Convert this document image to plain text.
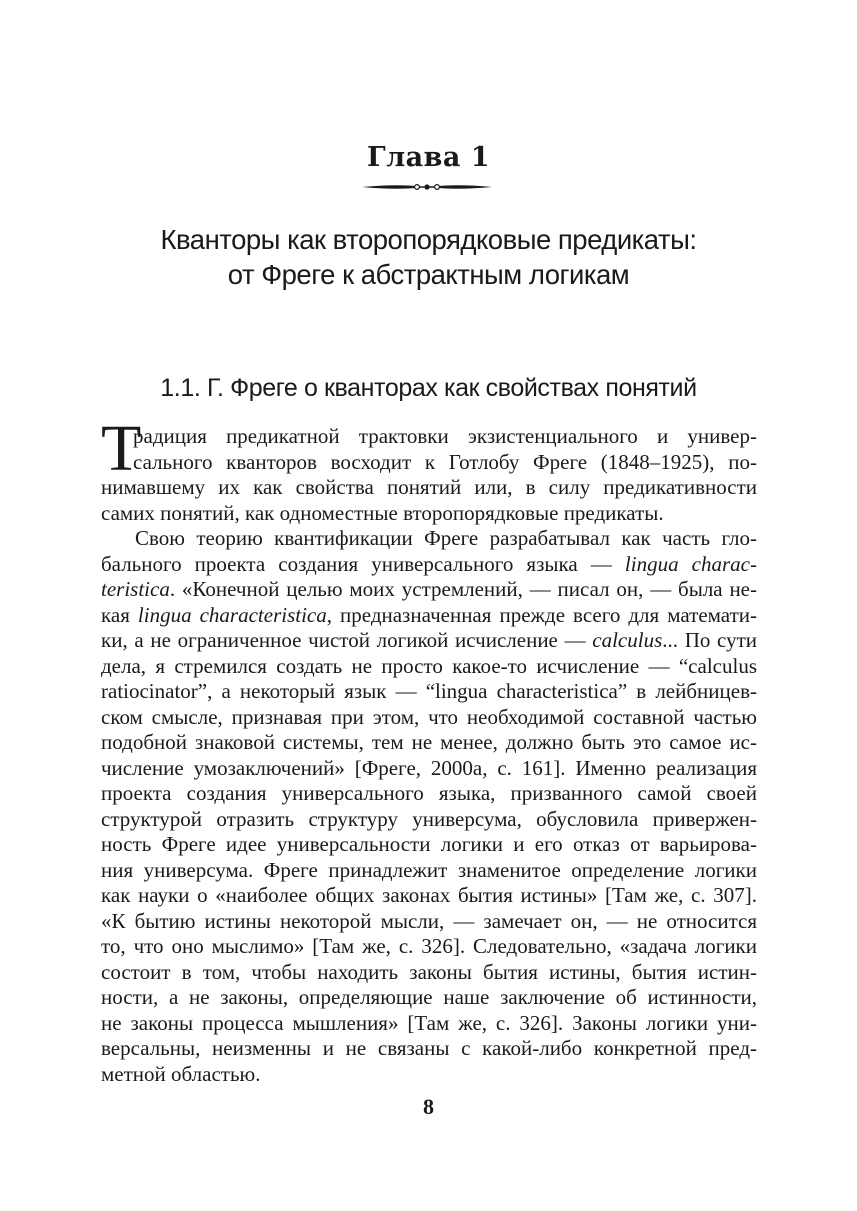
Глава 1
Кванторы как второпорядковые предикаты:
от Фреге к абстрактным логикам
1.1. Г. Фреге о кванторах как свойствах понятий
Т
радиция предикатной трактовки экзистенциального и универ-
сального кванторов восходит к Готлобу Фреге (1848–1925), по-
нимавшему их как свойства понятий или, в силу предикативности
самих понятий, как одноместные второпорядковые предикаты.
Свою теорию квантификации Фреге разрабатывал как часть гло-
бального проекта создания универсального языка — lingua charac-
teristica. «Конечной целью моих устремлений, — писал он, — была не-
кая lingua characteristica, предназначенная прежде всего для математи-
ки, а не ограниченное чистой логикой исчисление — calculus... По сути
дела, я стремился создать не просто какое-то исчисление — “calculus
ratiocinator”, а некоторый язык — “lingua characteristica” в лейбницев-
ском смысле, признавая при этом, что необходимой составной частью
подобной знаковой системы, тем не менее, должно быть это самое ис-
числение умозаключений» [Фреге, 2000а, с. 161]. Именно реализация
проекта создания универсального языка, призванного самой своей
структурой отразить структуру универсума, обусловила привержен-
ность Фреге идее универсальности логики и его отказ от варьирова-
ния универсума. Фреге принадлежит знаменитое определение логики
как науки о «наиболее общих законах бытия истины» [Там же, с. 307].
«К бытию истины некоторой мысли, — замечает он, — не относится
то, что оно мыслимо» [Там же, с. 326]. Следовательно, «задача логики
состоит в том, чтобы находить законы бытия истины, бытия истин-
ности, а не законы, определяющие наше заключение об истинности,
не законы процесса мышления» [Там же, с. 326]. Законы логики уни-
версальны, неизменны и не связаны с какой-либо конкретной пред-
метной областью.
8
